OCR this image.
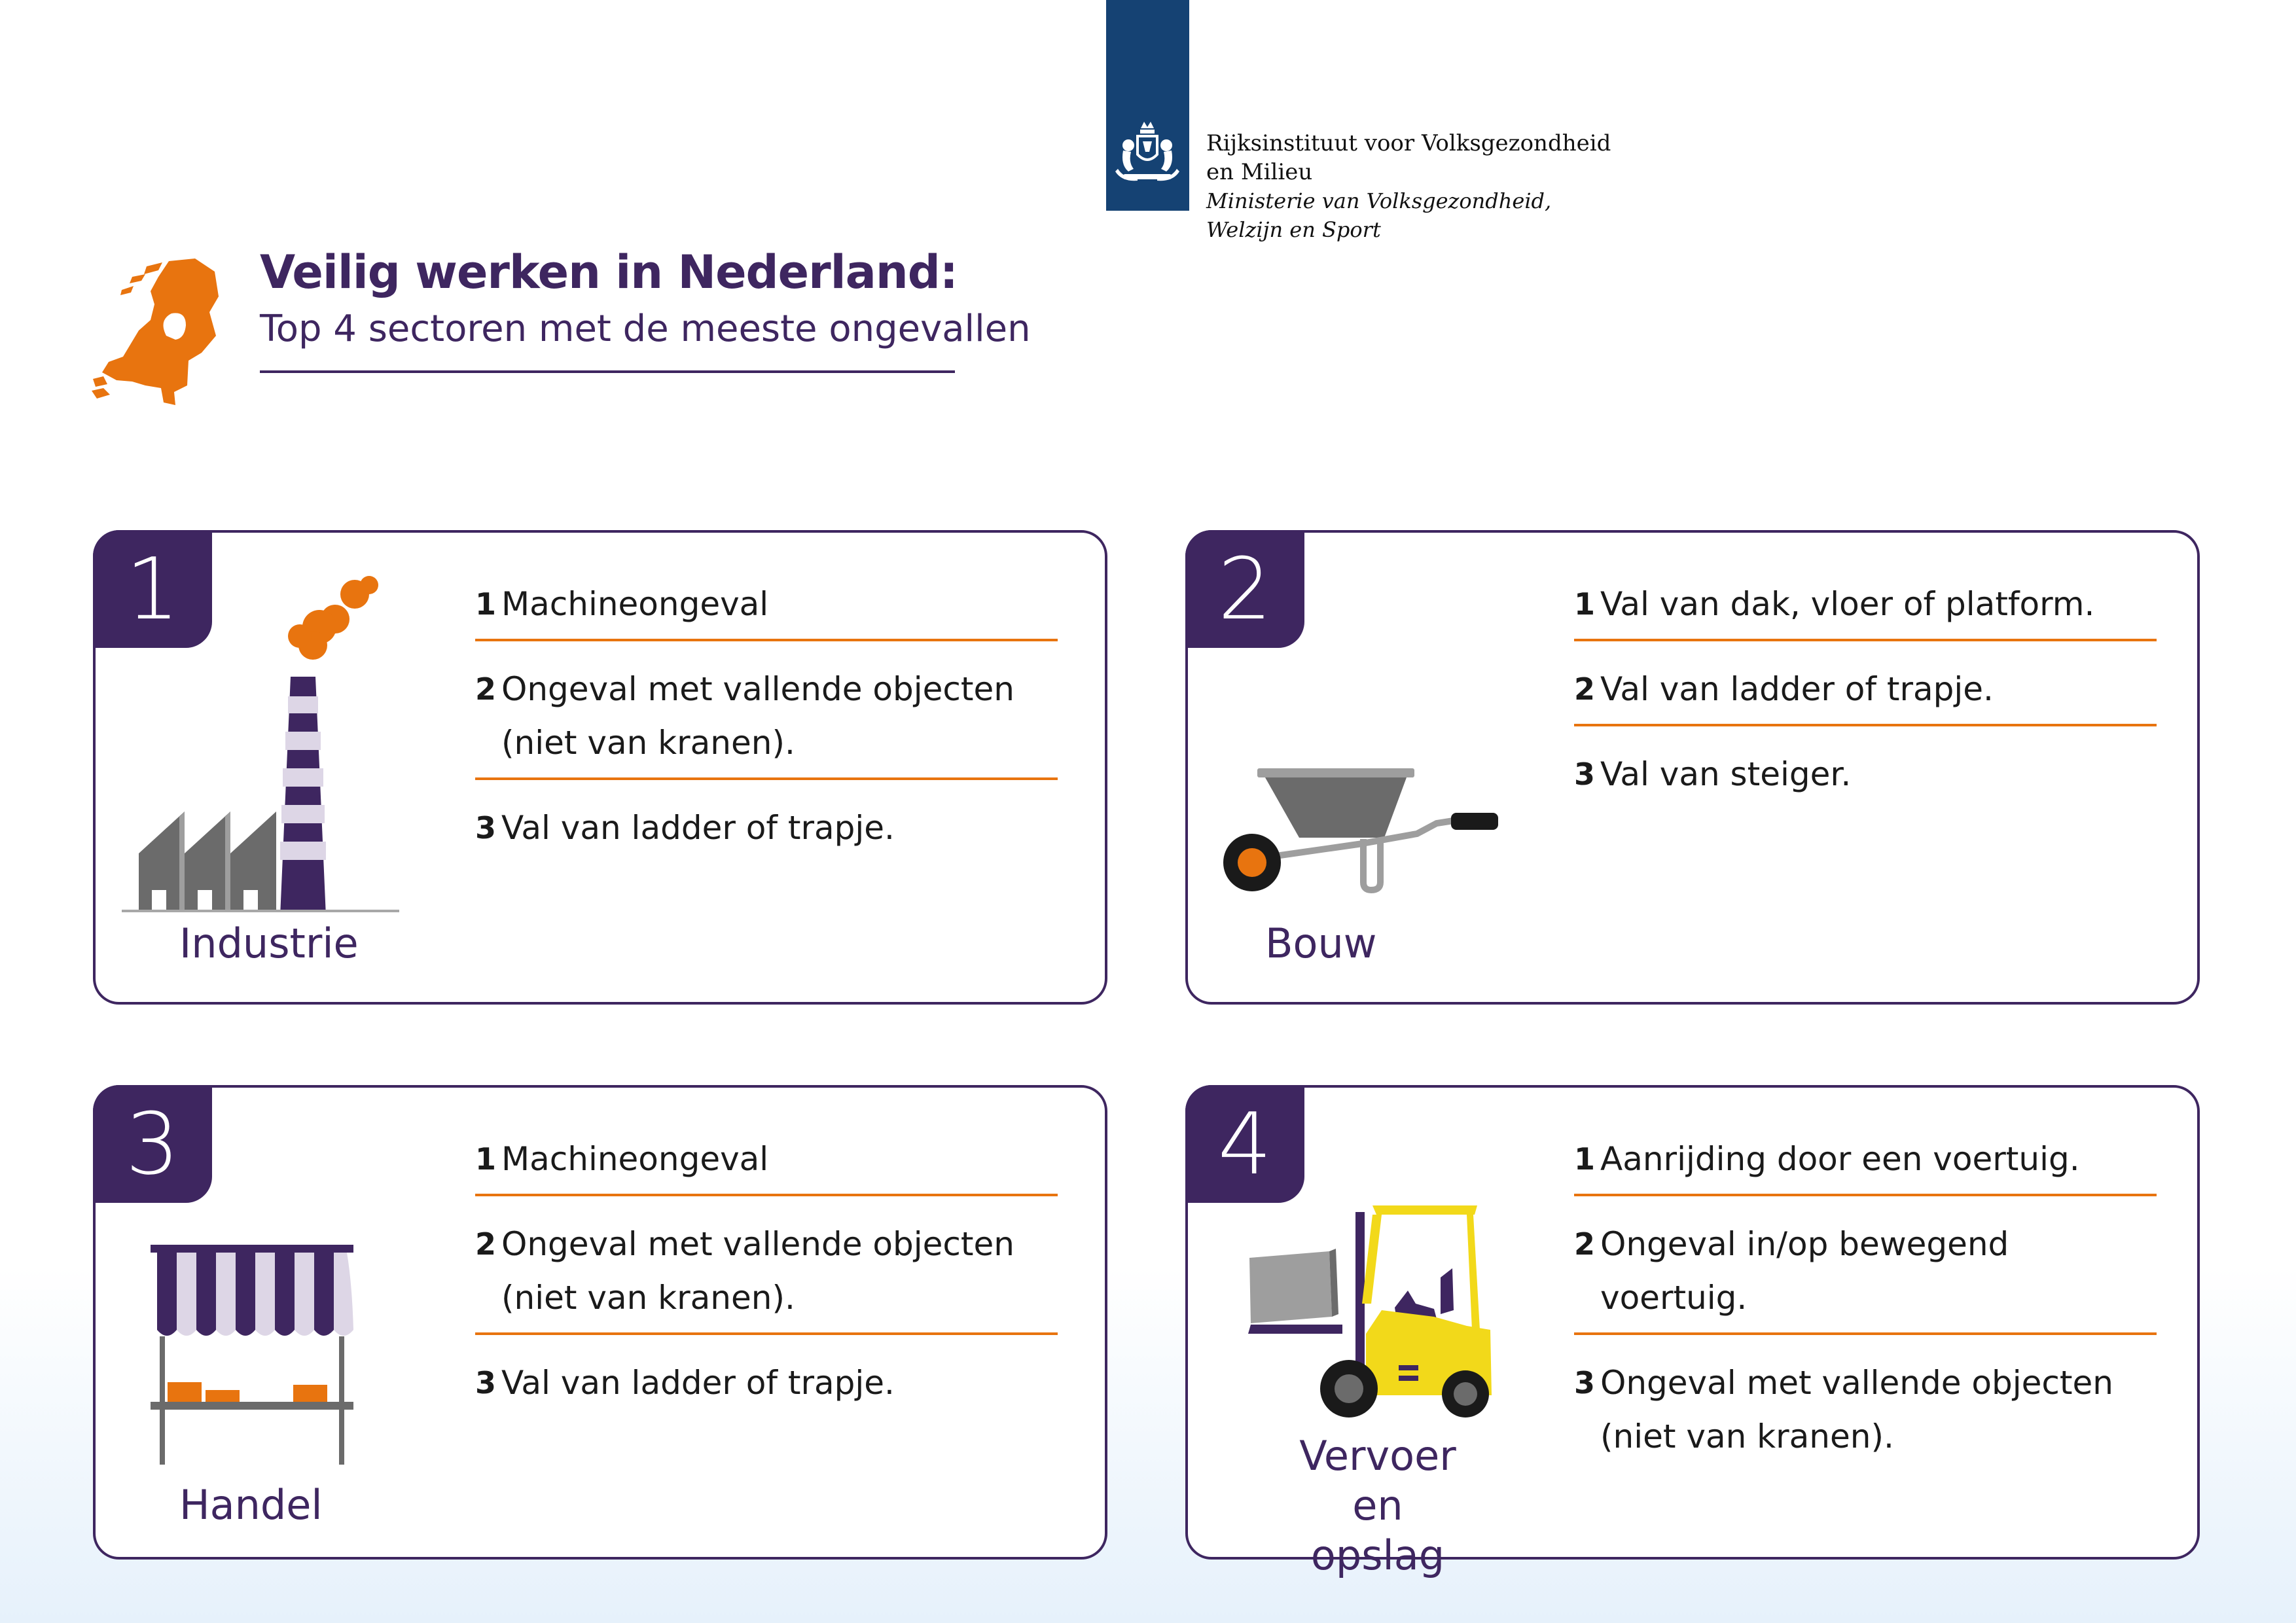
Rijksinstituut voor Volksgezondheid
en Milieu
Ministerie van Volksgezondheid,
Welzijn en Sport
Veilig werken in Nederland:
Top 4 sectoren met de meeste ongevallen
1
Industrie
1 Machineongeval
2 Ongeval met vallende objecten
(niet van kranen).
3 Val van ladder of trapje.
2
Bouw
1 Val van dak, vloer of platform.
2 Val van ladder of trapje.
3 Val van steiger.
3
Handel
1 Machineongeval
2 Ongeval met vallende objecten
(niet van kranen).
3 Val van ladder of trapje.
4
Vervoer en
opslag
1 Aanrijding door een voertuig.
2 Ongeval in/op bewegend voertuig.
3 Ongeval met vallende objecten
(niet van kranen).
